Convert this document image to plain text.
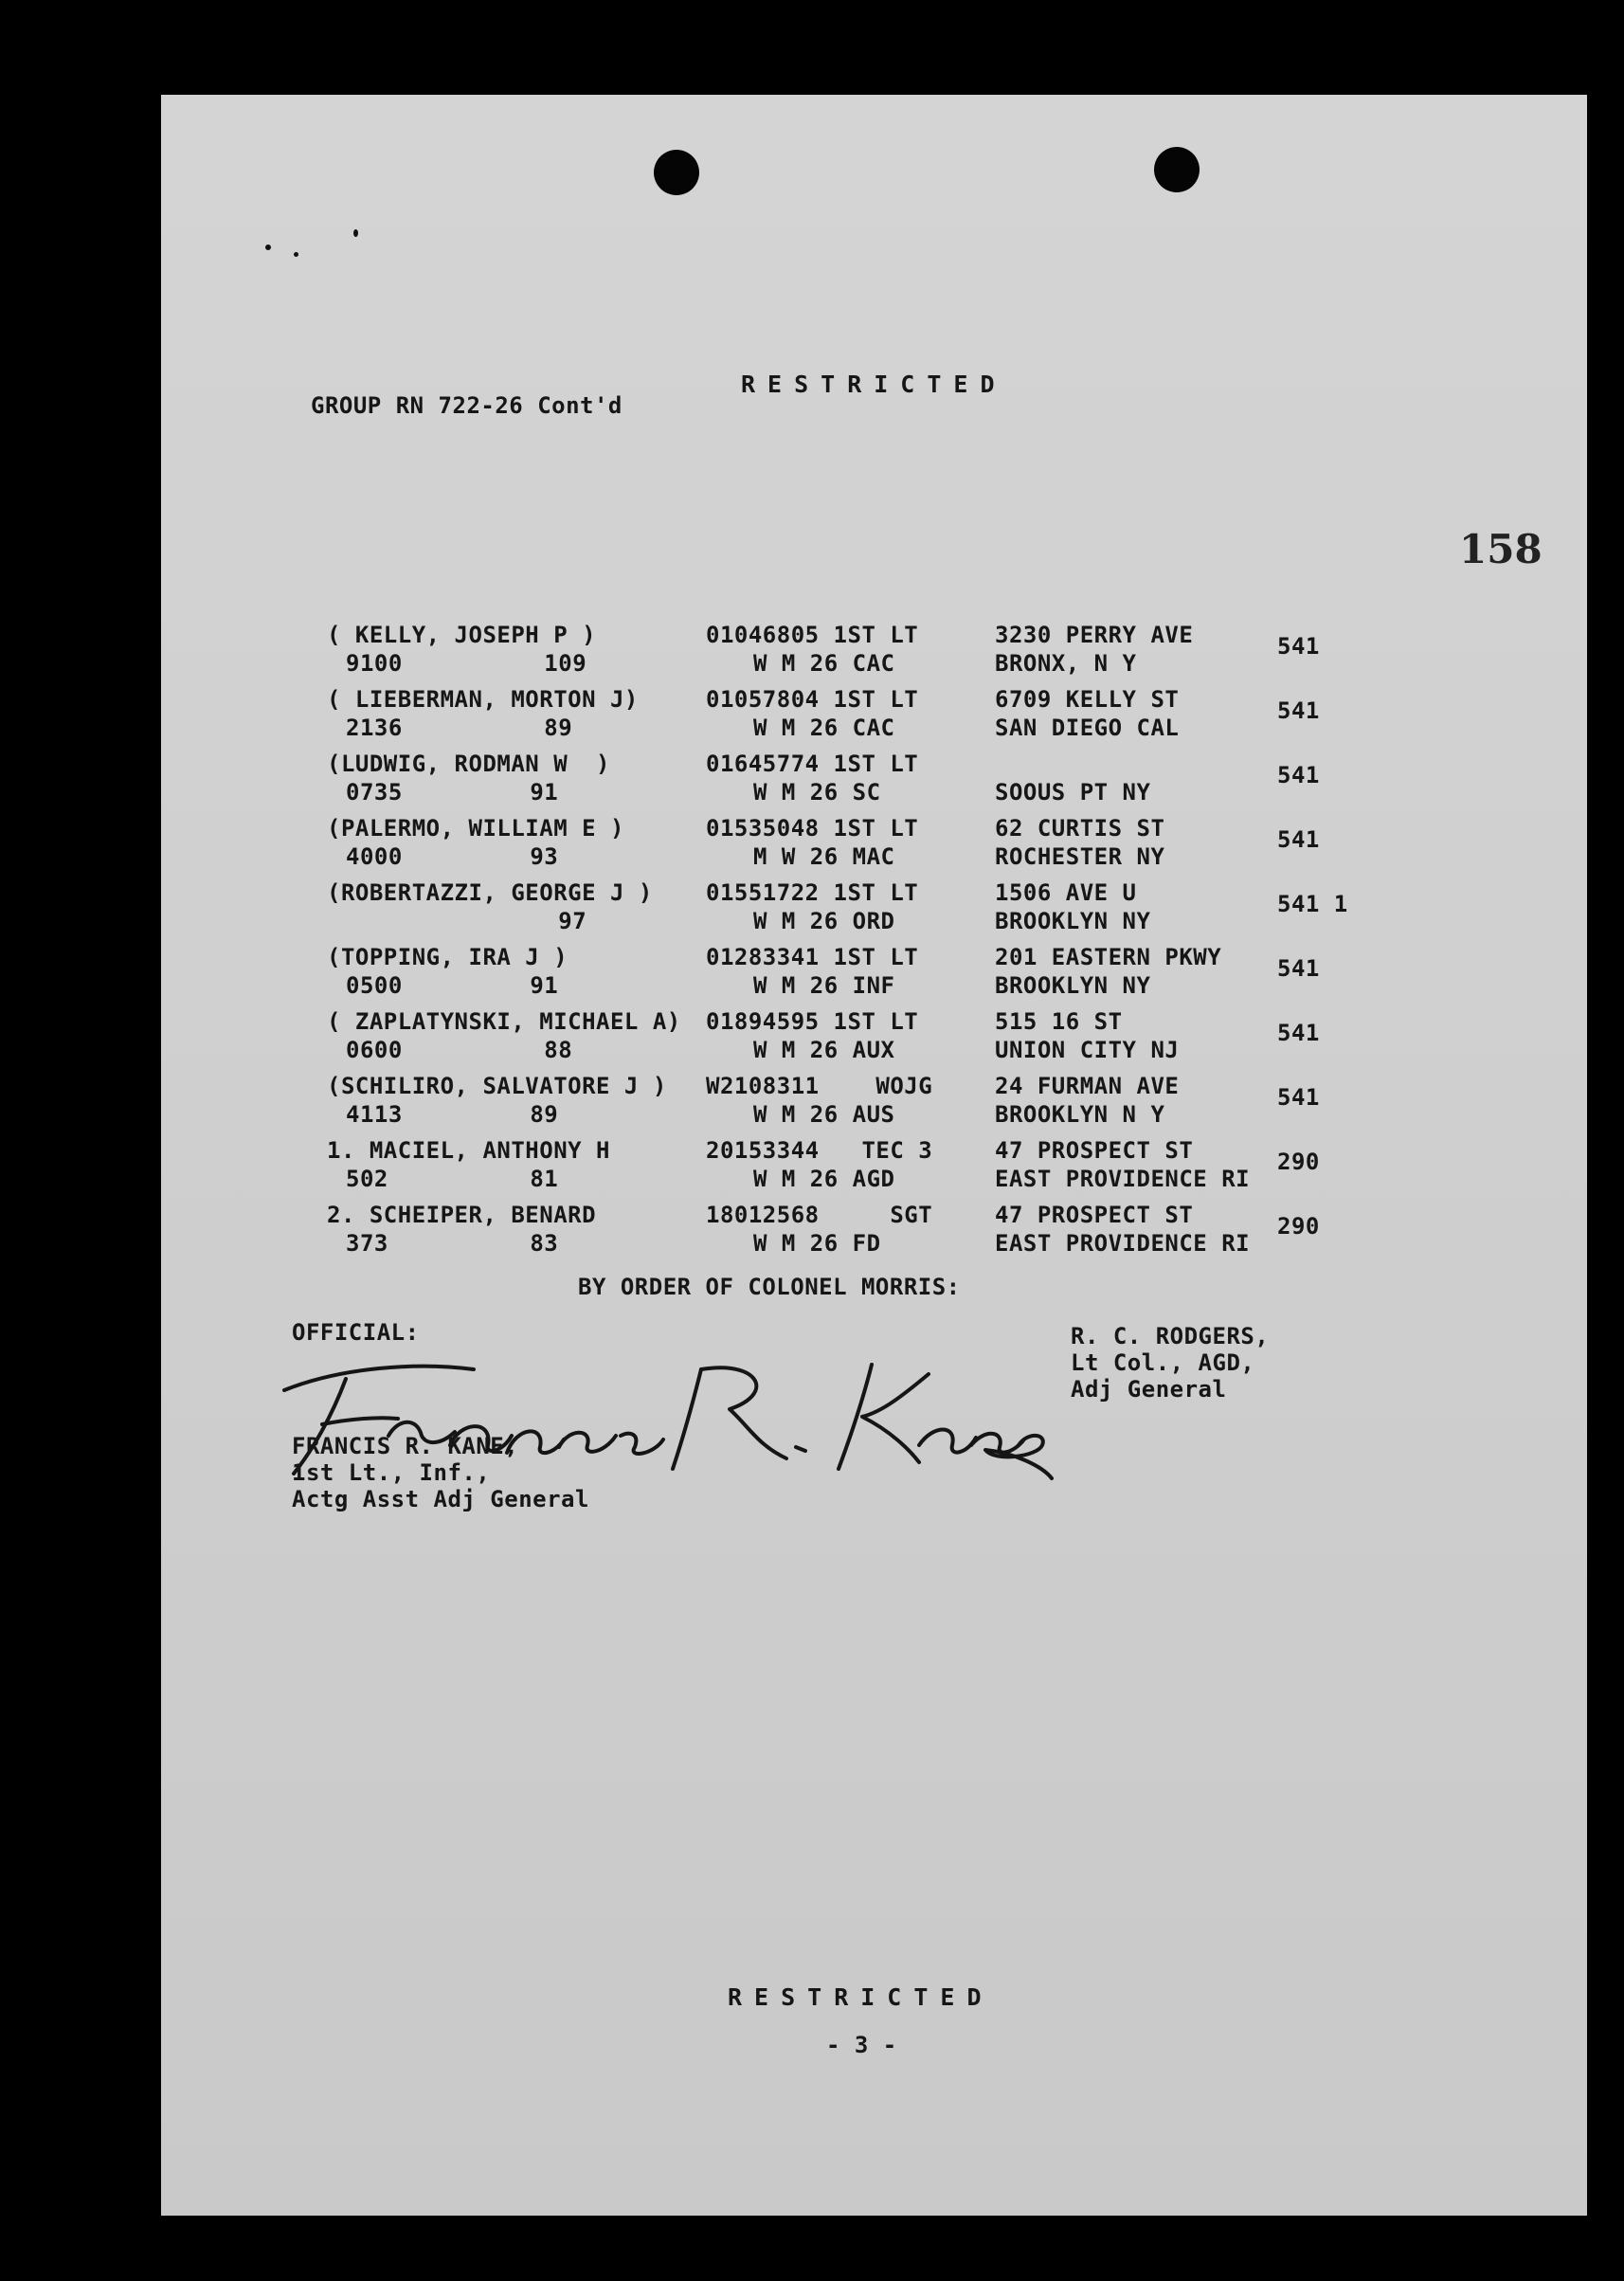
GROUP RN 722-26 Cont'd
RESTRICTED
158
( KELLY, JOSEPH P )
9100          109
01046805 1ST LT
W M 26 CAC
3230 PERRY AVE
BRONX, N Y
541
( LIEBERMAN, MORTON J)
2136          89
01057804 1ST LT
W M 26 CAC
6709 KELLY ST
SAN DIEGO CAL
541
(LUDWIG, RODMAN W  )
0735         91
01645774 1ST LT
W M 26 SC	SOOUS PT NY
541
(PALERMO, WILLIAM E )
4000         93
01535048 1ST LT
M W 26 MAC
62 CURTIS ST
ROCHESTER NY
541
(ROBERTAZZI, GEORGE J )
97
01551722 1ST LT
W M 26 ORD
1506 AVE U
BROOKLYN NY
541 1
(TOPPING, IRA J )
0500         91
01283341 1ST LT
W M 26 INF
201 EASTERN PKWY
BROOKLYN NY
541
( ZAPLATYNSKI, MICHAEL A)
0600          88
01894595 1ST LT
W M 26 AUX
515 16 ST
UNION CITY NJ
541
(SCHILIRO, SALVATORE J )
4113         89
W2108311    WOJG
W M 26 AUS
24 FURMAN AVE
BROOKLYN N Y
541
1. MACIEL, ANTHONY H
502          81
20153344   TEC 3
W M 26 AGD
47 PROSPECT ST
EAST PROVIDENCE RI
290
2. SCHEIPER, BENARD
373          83
18012568     SGT
W M 26 FD
47 PROSPECT ST
EAST PROVIDENCE RI
290
BY ORDER OF COLONEL MORRIS:
OFFICIAL:
FRANCIS R. KANE,
1st Lt., Inf.,
Actg Asst Adj General
R. C. RODGERS,
Lt Col., AGD,
Adj General
RESTRICTED
- 3 -
